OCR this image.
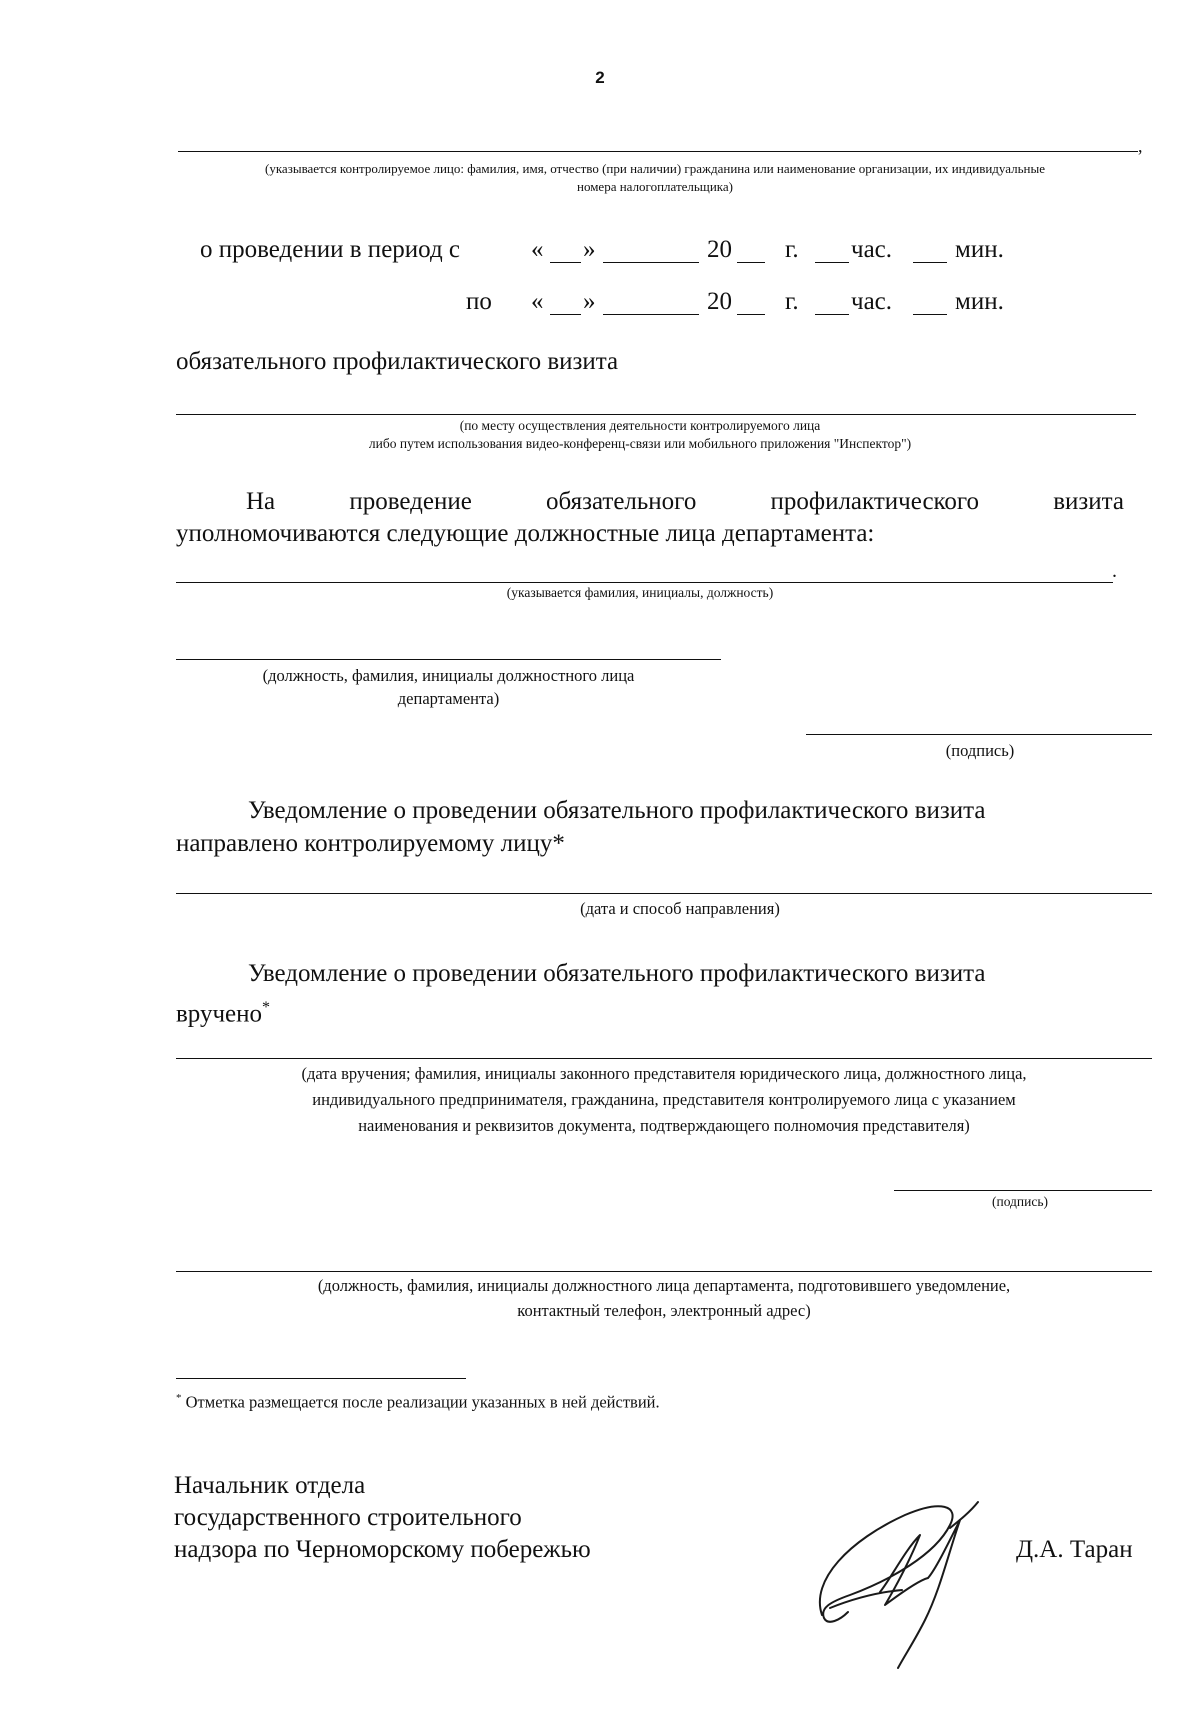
2
,
(указывается контролируемое лицо: фамилия, имя, отчество (при наличии) гражданина или наименование организации, их индивидуальные
номера налогоплательщика)
о проведении в период с	« »	20 г. час.	мин.
по « »	20 г. час.	мин.
обязательного профилактического визита
(по месту осуществления деятельности контролируемого лица
либо путем использования видео-конференц-связи или мобильного приложения "Инспектор")
На	проведение	обязательного	профилактического	визита
уполномочиваются следующие должностные лица департамента:
.
(указывается фамилия, инициалы, должность)
(должность, фамилия, инициалы должностного лица
департамента)
(подпись)
Уведомление о проведении обязательного профилактического визита
направлено контролируемому лицу*
(дата и способ направления)
Уведомление о проведении обязательного профилактического визита
вручено*
(дата вручения; фамилия, инициалы законного представителя юридического лица, должностного лица,
индивидуального предпринимателя, гражданина, представителя контролируемого лица с указанием
наименования и реквизитов документа, подтверждающего полномочия представителя)
(подпись)
(должность, фамилия, инициалы должностного лица департамента, подготовившего уведомление,
контактный телефон, электронный адрес)
* Отметка размещается после реализации указанных в ней действий.
Начальник отдела
государственного строительного
надзора по Черноморскому побережью	Д.А. Таран
